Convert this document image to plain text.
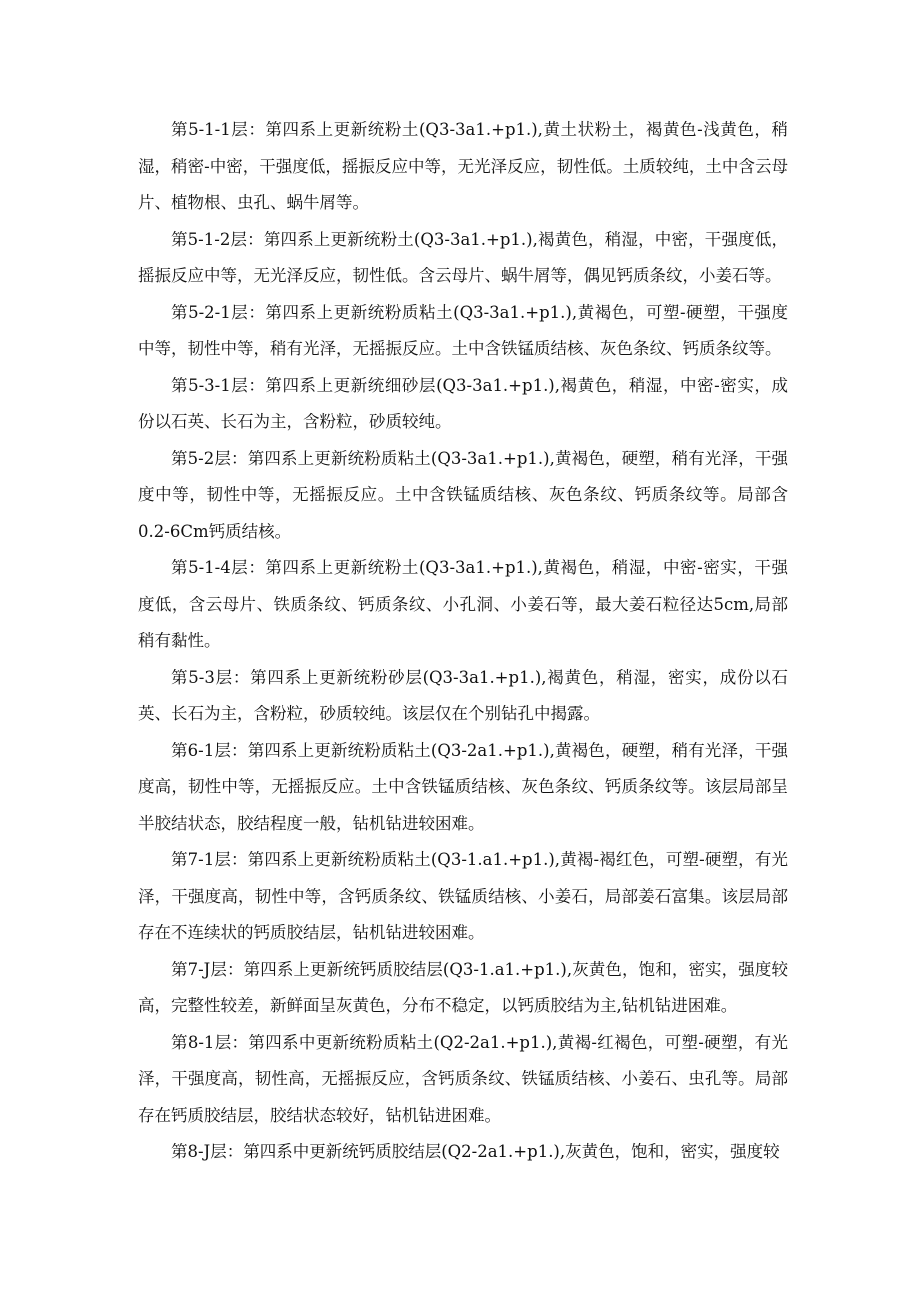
第5-1-1层：第四系上更新统粉土(Q3-3a1.+p1.),黄土状粉土，褐黄色-浅黄色，稍湿，稍密-中密，干强度低，摇振反应中等，无光泽反应，韧性低。土质较纯，土中含云母片、植物根、虫孔、蜗牛屑等。

第5-1-2层：第四系上更新统粉土(Q3-3a1.+p1.),褐黄色，稍湿，中密，干强度低，摇振反应中等，无光泽反应，韧性低。含云母片、蜗牛屑等，偶见钙质条纹，小姜石等。

第5-2-1层：第四系上更新统粉质粘土(Q3-3a1.+p1.),黄褐色，可塑-硬塑，干强度中等，韧性中等，稍有光泽，无摇振反应。土中含铁锰质结核、灰色条纹、钙质条纹等。

第5-3-1层：第四系上更新统细砂层(Q3-3a1.+p1.),褐黄色，稍湿，中密-密实，成份以石英、长石为主，含粉粒，砂质较纯。

第5-2层：第四系上更新统粉质粘土(Q3-3a1.+p1.),黄褐色，硬塑，稍有光泽，干强度中等，韧性中等，无摇振反应。土中含铁锰质结核、灰色条纹、钙质条纹等。局部含0.2-6Cm钙质结核。

第5-1-4层：第四系上更新统粉土(Q3-3a1.+p1.),黄褐色，稍湿，中密-密实，干强度低，含云母片、铁质条纹、钙质条纹、小孔洞、小姜石等，最大姜石粒径达5cm,局部稍有黏性。

第5-3层：第四系上更新统粉砂层(Q3-3a1.+p1.),褐黄色，稍湿，密实，成份以石英、长石为主，含粉粒，砂质较纯。该层仅在个别钻孔中揭露。

第6-1层：第四系上更新统粉质粘土(Q3-2a1.+p1.),黄褐色，硬塑，稍有光泽，干强度高，韧性中等，无摇振反应。土中含铁锰质结核、灰色条纹、钙质条纹等。该层局部呈半胶结状态，胶结程度一般，钻机钻进较困难。

第7-1层：第四系上更新统粉质粘土(Q3-1.a1.+p1.),黄褐-褐红色，可塑-硬塑，有光泽，干强度高，韧性中等，含钙质条纹、铁锰质结核、小姜石，局部姜石富集。该层局部存在不连续状的钙质胶结层，钻机钻进较困难。

第7-J层：第四系上更新统钙质胶结层(Q3-1.a1.+p1.),灰黄色，饱和，密实，强度较高，完整性较差，新鲜面呈灰黄色，分布不稳定，以钙质胶结为主,钻机钻进困难。

第8-1层：第四系中更新统粉质粘土(Q2-2a1.+p1.),黄褐-红褐色，可塑-硬塑，有光泽，干强度高，韧性高，无摇振反应，含钙质条纹、铁锰质结核、小姜石、虫孔等。局部存在钙质胶结层，胶结状态较好，钻机钻进困难。

第8-J层：第四系中更新统钙质胶结层(Q2-2a1.+p1.),灰黄色，饱和，密实，强度较
